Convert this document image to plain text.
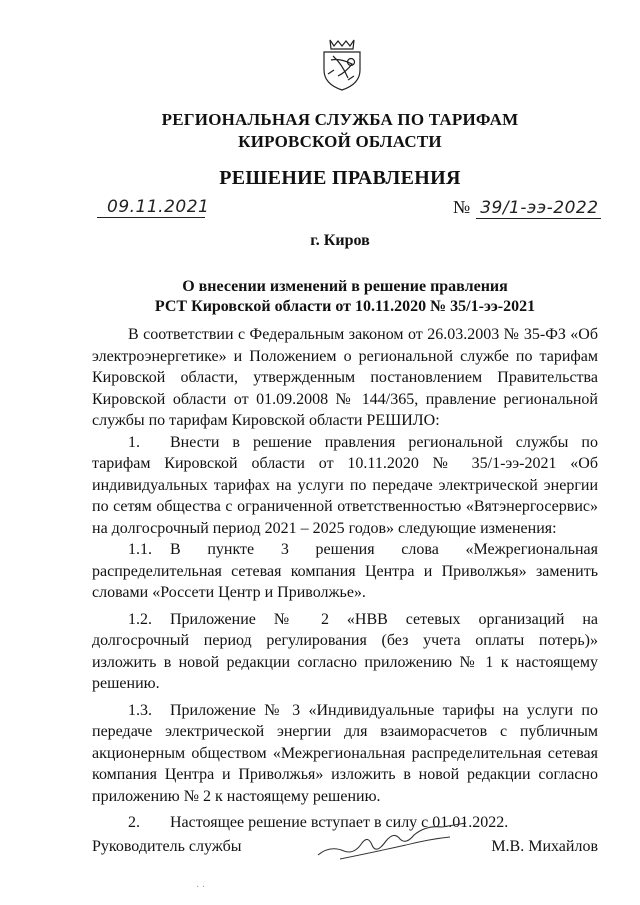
РЕГИОНАЛЬНАЯ СЛУЖБА ПО ТАРИФАМ
КИРОВСКОЙ ОБЛАСТИ
РЕШЕНИЕ ПРАВЛЕНИЯ
09.11.2021	№ 39/1-ээ-2022
г. Киров
О внесении изменений в решение правления
РСТ Кировской области от 10.11.2020 № 35/1-ээ-2021

В соответствии с Федеральным законом от 26.03.2003 № 35-ФЗ «Об электроэнергетике» и Положением о региональной службе по тарифам Кировской области, утвержденным постановлением Правительства Кировской области от 01.09.2008 № 144/365, правление региональной службы по тарифам Кировской области РЕШИЛО:

1. Внести в решение правления региональной службы по тарифам Кировской области от 10.11.2020 № 35/1-ээ-2021 «Об индивидуальных тарифах на услуги по передаче электрической энергии по сетям общества с ограниченной ответственностью «Вятэнергосервис» на долгосрочный период 2021 – 2025 годов» следующие изменения:

1.1. В пункте 3 решения слова «Межрегиональная распределительная сетевая компания Центра и Приволжья» заменить словами «Россети Центр и Приволжье».

1.2. Приложение № 2 «НВВ сетевых организаций на долгосрочный период регулирования (без учета оплаты потерь)» изложить в новой редакции согласно приложению № 1 к настоящему решению.

1.3. Приложение № 3 «Индивидуальные тарифы на услуги по передаче электрической энергии для взаиморасчетов с публичным акционерным обществом «Межрегиональная распределительная сетевая компания Центра и Приволжья» изложить в новой редакции согласно приложению № 2 к настоящему решению.

2. Настоящее решение вступает в силу с 01.01.2022.

Руководитель службы	М.В. Михайлов
· ·
